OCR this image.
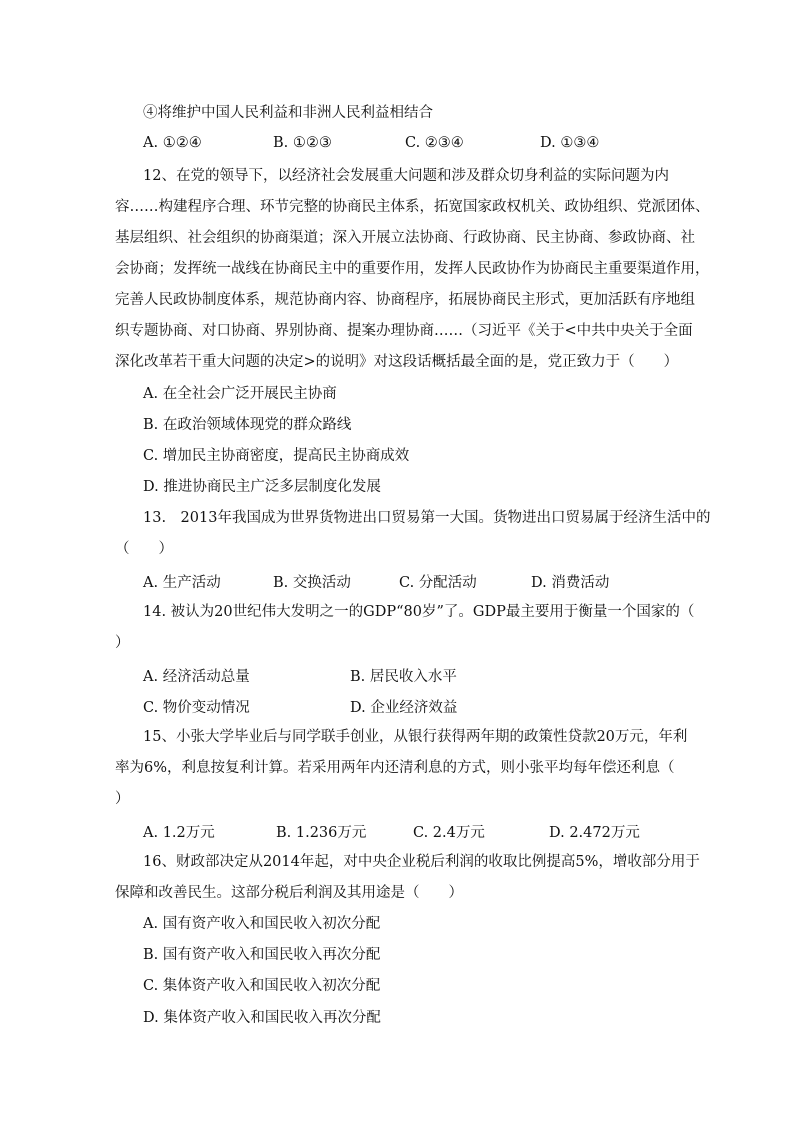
④将维护中国人民利益和非洲人民利益相结合
A. ①②④	B. ①②③	C. ②③④	D. ①③④
12、在党的领导下，以经济社会发展重大问题和涉及群众切身利益的实际问题为内
容……构建程序合理、环节完整的协商民主体系，拓宽国家政权机关、政协组织、党派团体、
基层组织、社会组织的协商渠道；深入开展立法协商、行政协商、民主协商、参政协商、社
会协商；发挥统一战线在协商民主中的重要作用，发挥人民政协作为协商民主重要渠道作用，
完善人民政协制度体系，规范协商内容、协商程序，拓展协商民主形式，更加活跃有序地组
织专题协商、对口协商、界别协商、提案办理协商……（习近平《关于<中共中央关于全面
深化改革若干重大问题的决定>的说明》对这段话概括最全面的是，党正致力于（　　）
A. 在全社会广泛开展民主协商
B. 在政治领域体现党的群众路线
C. 增加民主协商密度，提高民主协商成效
D. 推进协商民主广泛多层制度化发展
13.　2013年我国成为世界货物进出口贸易第一大国。货物进出口贸易属于经济生活中的
（　　）
A. 生产活动	B. 交换活动	C. 分配活动	D. 消费活动
14. 被认为20世纪伟大发明之一的GDP“80岁”了。GDP最主要用于衡量一个国家的（
）
A. 经济活动总量	B. 居民收入水平
C. 物价变动情况	D. 企业经济效益
15、小张大学毕业后与同学联手创业，从银行获得两年期的政策性贷款20万元，年利
率为6%，利息按复利计算。若采用两年内还清利息的方式，则小张平均每年偿还利息（
）
A. 1.2万元	B. 1.236万元	C. 2.4万元	D. 2.472万元
16、财政部决定从2014年起，对中央企业税后利润的收取比例提高5%，增收部分用于
保障和改善民生。这部分税后利润及其用途是（　　）
A. 国有资产收入和国民收入初次分配
B. 国有资产收入和国民收入再次分配
C. 集体资产收入和国民收入初次分配
D. 集体资产收入和国民收入再次分配
